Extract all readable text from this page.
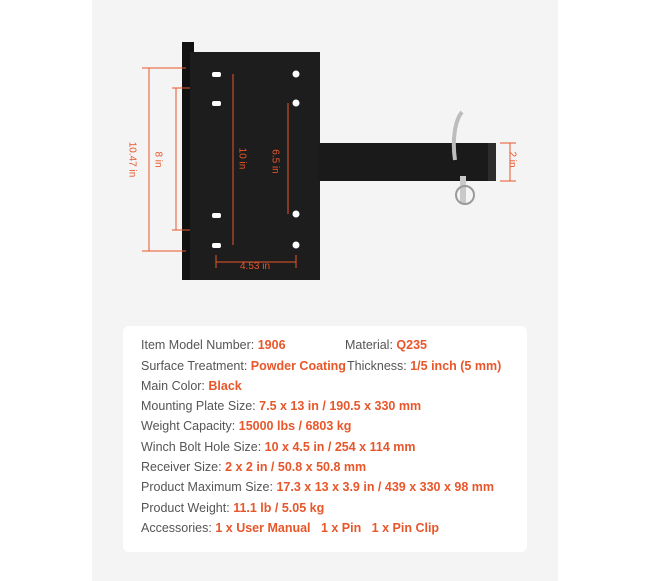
10.47 in 8 in	10 in 6.5 in
4.53 in
2 in
Item Model Number: 1906	Material: Q235
Surface Treatment: Powder Coating Thickness: 1/5 inch (5 mm)
Main Color: Black
Mounting Plate Size: 7.5 x 13 in / 190.5 x 330 mm
Weight Capacity: 15000 lbs / 6803 kg
Winch Bolt Hole Size: 10 x 4.5 in / 254 x 114 mm
Receiver Size: 2 x 2 in / 50.8 x 50.8 mm
Product Maximum Size: 17.3 x 13 x 3.9 in / 439 x 330 x 98 mm
Product Weight: 11.1 lb / 5.05 kg
Accessories: 1 x User Manual 1 x Pin 1 x Pin Clip
